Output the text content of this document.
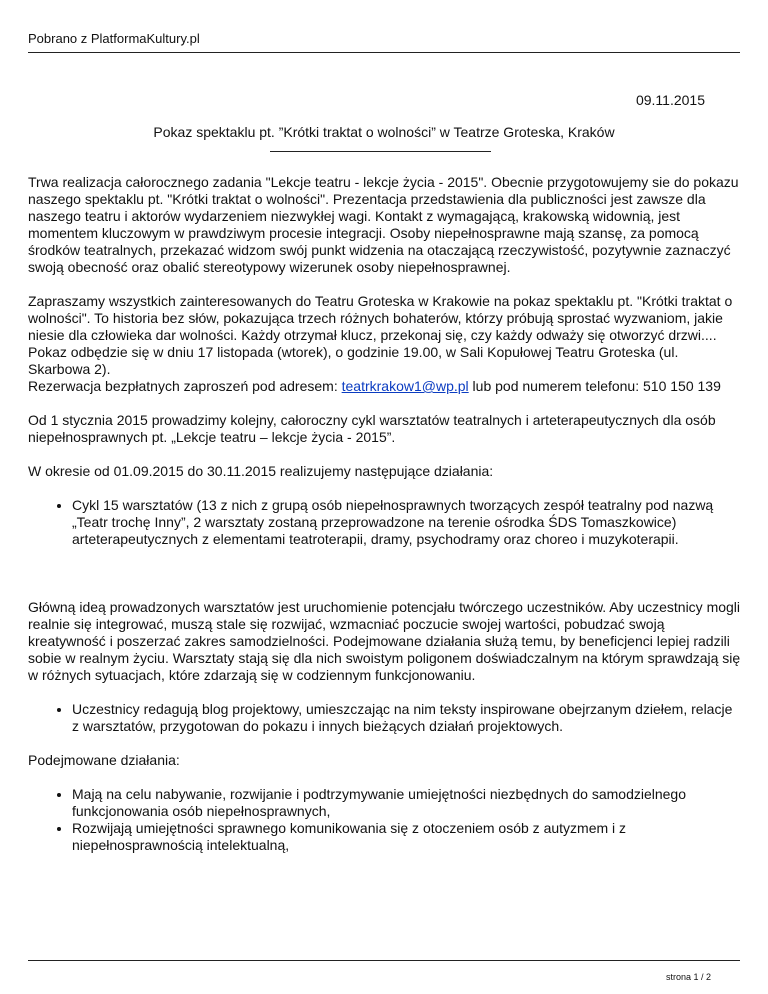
Pobrano z PlatformaKultury.pl
09.11.2015
Pokaz spektaklu pt. ”Krótki traktat o wolności” w Teatrze Groteska, Kraków

Trwa realizacja całorocznego zadania "Lekcje teatru - lekcje życia - 2015". Obecnie przygotowujemy sie do pokazu naszego spektaklu pt. "Krótki traktat o wolności". Prezentacja przedstawienia dla publiczności jest zawsze dla naszego teatru i aktorów wydarzeniem niezwykłej wagi. Kontakt z wymagającą, krakowską widownią, jest momentem kluczowym w prawdziwym procesie integracji. Osoby niepełnosprawne mają szansę, za pomocą środków teatralnych, przekazać widzom swój punkt widzenia na otaczającą rzeczywistość, pozytywnie zaznaczyć swoją obecność oraz obalić stereotypowy wizerunek osoby niepełnosprawnej.

Zapraszamy wszystkich zainteresowanych do Teatru Groteska w Krakowie na pokaz spektaklu pt. "Krótki traktat o wolności". To historia bez słów, pokazująca trzech różnych bohaterów, którzy próbują sprostać wyzwaniom, jakie niesie dla człowieka dar wolności. Każdy otrzymał klucz, przekonaj się, czy każdy odważy się otworzyć drzwi....

Pokaz odbędzie się w dniu 17 listopada (wtorek), o godzinie 19.00, w Sali Kopułowej Teatru Groteska (ul. Skarbowa 2).

Rezerwacja bezpłatnych zaproszeń pod adresem: teatrkrakow1@wp.pl lub pod numerem telefonu: 510 150 139

Od 1 stycznia 2015 prowadzimy kolejny, całoroczny cykl warsztatów teatralnych i arteterapeutycznych dla osób niepełnosprawnych pt. „Lekcje teatru – lekcje życia - 2015”.

W okresie od 01.09.2015 do 30.11.2015 realizujemy następujące działania:

• Cykl 15 warsztatów (13 z nich z grupą osób niepełnosprawnych tworzących zespół teatralny pod nazwą „Teatr trochę Inny”, 2 warsztaty zostaną przeprowadzone na terenie ośrodka ŚDS Tomaszkowice) arteterapeutycznych z elementami teatroterapii, dramy, psychodramy oraz choreo i muzykoterapii.

Główną ideą prowadzonych warsztatów jest uruchomienie potencjału twórczego uczestników. Aby uczestnicy mogli realnie się integrować, muszą stale się rozwijać, wzmacniać poczucie swojej wartości, pobudzać swoją kreatywność i poszerzać zakres samodzielności. Podejmowane działania służą temu, by beneficjenci lepiej radzili sobie w realnym życiu. Warsztaty stają się dla nich swoistym poligonem doświadczalnym na którym sprawdzają się w różnych sytuacjach, które zdarzają się w codziennym funkcjonowaniu.

• Uczestnicy redagują blog projektowy, umieszczając na nim teksty inspirowane obejrzanym dziełem, relacje z warsztatów, przygotowan do pokazu i innych bieżących działań projektowych.

Podejmowane działania:

• Mają na celu nabywanie, rozwijanie i podtrzymywanie umiejętności niezbędnych do samodzielnego funkcjonowania osób niepełnosprawnych,
• Rozwijają umiejętności sprawnego komunikowania się z otoczeniem osób z autyzmem i z niepełnosprawnością intelektualną,
strona 1 / 2
